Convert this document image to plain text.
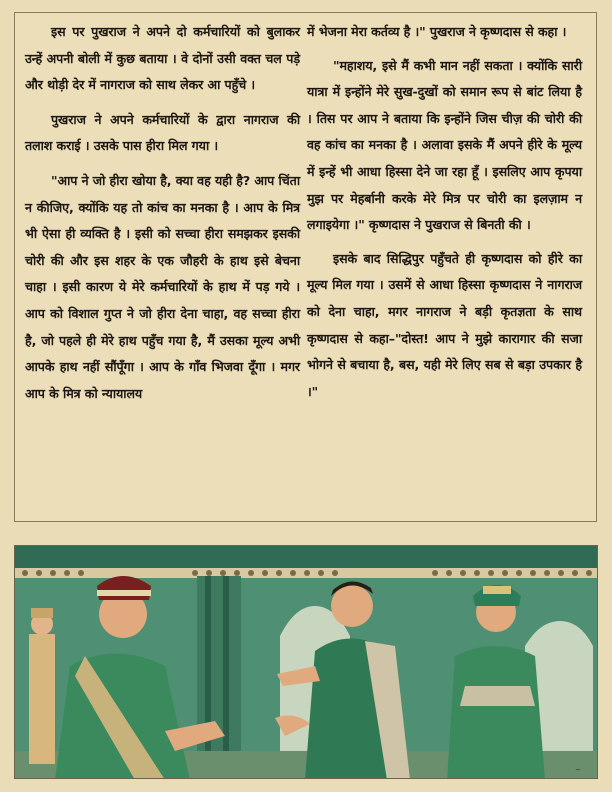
इस पर पुखराज ने अपने दो कर्मचारियों को बुलाकर उन्हें अपनी बोली में कुछ बताया । वे दोनों उसी वक्त चल पड़े और थोड़ी देर में नागराज को साथ लेकर आ पहुँचे ।

पुखराज ने अपने कर्मचारियों के द्वारा नागराज की तलाश कराई । उसके पास हीरा मिल गया ।

"आप ने जो हीरा खोया है, क्या वह यही है? आप चिंता न कीजिए, क्योंकि यह तो कांच का मनका है । आप के मित्र भी ऐसा ही व्यक्ति है । इसी को सच्चा हीरा समझकर इसकी चोरी की और इस शहर के एक जौहरी के हाथ इसे बेचना चाहा । इसी कारण ये मेरे कर्मचारियों के हाथ में पड़ गये । आप को विशाल गुप्त ने जो हीरा देना चाहा, वह सच्चा हीरा है, जो पहले ही मेरे हाथ पहुँच गया है, मैं उसका मूल्य अभी आपके हाथ नहीं सौंपूँगा । आप के गाँव भिजवा दूँगा । मगर आप के मित्र को न्यायालय

में भेजना मेरा कर्तव्य है ।" पुखराज ने कृष्णदास से कहा ।

"महाशय, इसे मैं कभी मान नहीं सकता । क्योंकि सारी यात्रा में इन्होंने मेरे सुख-दुखों को समान रूप से बांट लिया है । तिस पर आप ने बताया कि इन्होंने जिस चीज़ की चोरी की वह कांच का मनका है । अलावा इसके मैं अपने हीरे के मूल्य में इन्हें भी आधा हिस्सा देने जा रहा हूँ । इसलिए आप कृपया मुझ पर मेहर्बानी करके मेरे मित्र पर चोरी का इलज़ाम न लगाइयेगा ।" कृष्णदास ने पुखराज से बिनती की ।

इसके बाद सिद्धिपुर पहुँचते ही कृष्णदास को हीरे का मूल्य मिल गया । उसमें से आधा हिस्सा कृष्णदास ने नागराज को देना चाहा, मगर नागराज ने बड़ी कृतज्ञता के साथ कृष्णदास से कहा–"दोस्त! आप ने मुझे कारागार की सजा भोगने से बचाया है, बस, यही मेरे लिए सब से बड़ा उपकार है ।"

~
